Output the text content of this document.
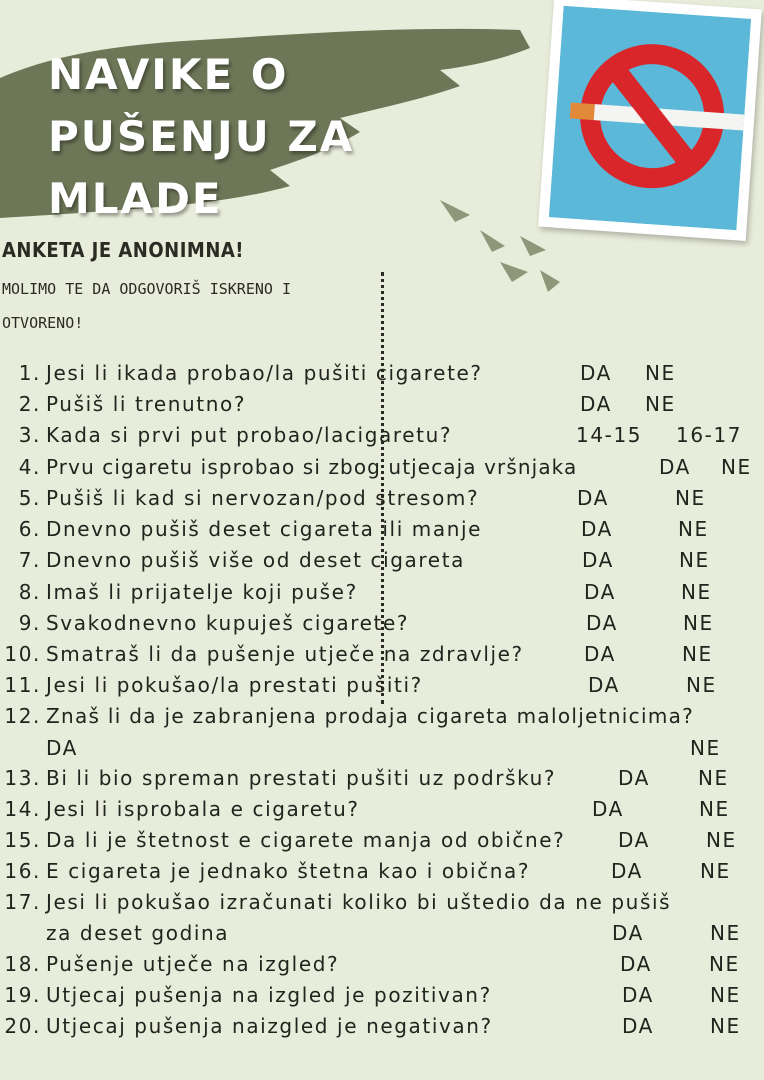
NAVIKE O
PUŠENJU ZA
MLADE
ANKETA JE ANONIMNA!
MOLIMO TE DA ODGOVORIŠ ISKRENO I
OTVORENO!
1. Jesi li ikada probao/la pušiti cigarete?	DA NE
2. Pušiš li trenutno?	DA NE
3. Kada si prvi put probao/lacigaretu?	14-15 16-17
4. Prvu cigaretu isprobao si zbog utjecaja vršnjaka	DA NE
5. Pušiš li kad si nervozan/pod stresom?	DA	NE
6. Dnevno pušiš deset cigareta ili manje	DA	NE
7. Dnevno pušiš više od deset cigareta	DA	NE
8. Imaš li prijatelje koji puše?	DA	NE
9. Svakodnevno kupuješ cigarete?	DA	NE
10. Smatraš li da pušenje utječe na zdravlje?	DA	NE
11. Jesi li pokušao/la prestati pušiti?	DA	NE
12. Znaš li da je zabranjena prodaja cigareta maloljetnicima?
DA	NE
13. Bi li bio spreman prestati pušiti uz podršku?	DA NE
14. Jesi li isprobala e cigaretu?	DA	NE
15. Da li je štetnost e cigarete manja od obične?	DA	NE
16. E cigareta je jednako štetna kao i obična?	DA	NE
17. Jesi li pokušao izračunati koliko bi uštedio da ne pušiš
za deset godina	DA	NE
18. Pušenje utječe na izgled?	DA	NE
19. Utjecaj pušenja na izgled je pozitivan?	DA	NE
20. Utjecaj pušenja naizgled je negativan?	DA	NE
